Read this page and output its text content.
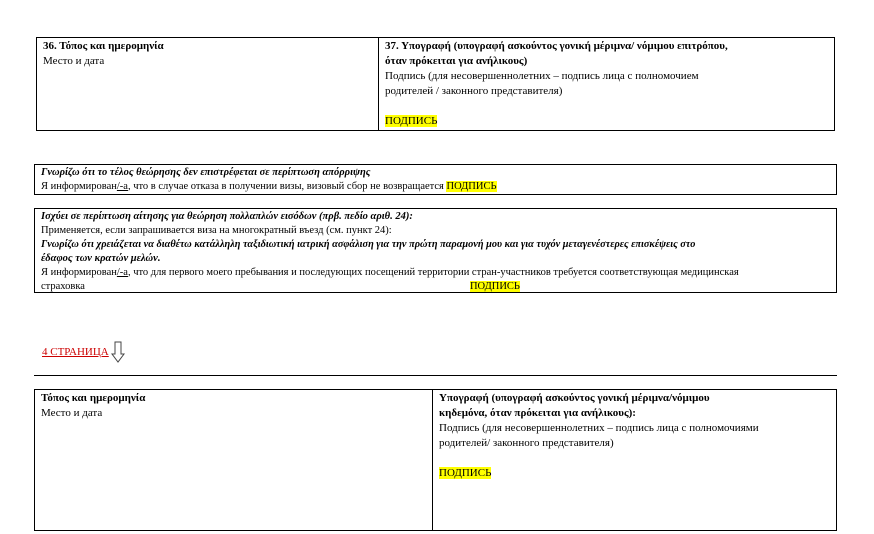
36. Τόπος και ημερομηνία
Место и дата
37. Υπογραφή (υπογραφή ασκούντος γονική μέριμνα/ νόμιμου επιτρόπου,
όταν πρόκειται για ανήλικους)
Подпись (для несовершеннолетних – подпись лица с полномочием
родителей / законного представителя)
ПОДПИСЬ
Γνωρίζω ότι το τέλος θεώρησης δεν επιστρέφεται σε περίπτωση απόρριψης
Я информирован/-а, что в случае отказа в получении визы, визовый сбор не возвращается ПОДПИСЬ
Ισχύει σε περίπτωση αίτησης για θεώρηση πολλαπλών εισόδων (πρβ. πεδίο αριθ. 24):
Применяется, если запрашивается виза на многократный въезд (см. пункт 24):
Γνωρίζω ότι χρειάζεται να διαθέτω κατάλληλη ταξιδιωτική ιατρική ασφάλιση για την πρώτη παραμονή μου και για τυχόν μεταγενέστερες επισκέψεις στο
έδαφος των κρατών μελών.
Я информирован/-а, что для первого моего пребывания и последующих посещений территории стран-участников требуется соответствующая медицинская
страховка	ПОДПИСЬ
4 СТРАНИЦА
Τόπος και ημερομηνία
Место и дата
Υπογραφή (υπογραφή ασκούντος γονική μέριμνα/νόμιμου
κηδεμόνα, όταν πρόκειται για ανήλικους):
Подпись (для несовершеннолетних – подпись лица с полномочиями
родителей/ законного представителя)
ПОДПИСЬ
